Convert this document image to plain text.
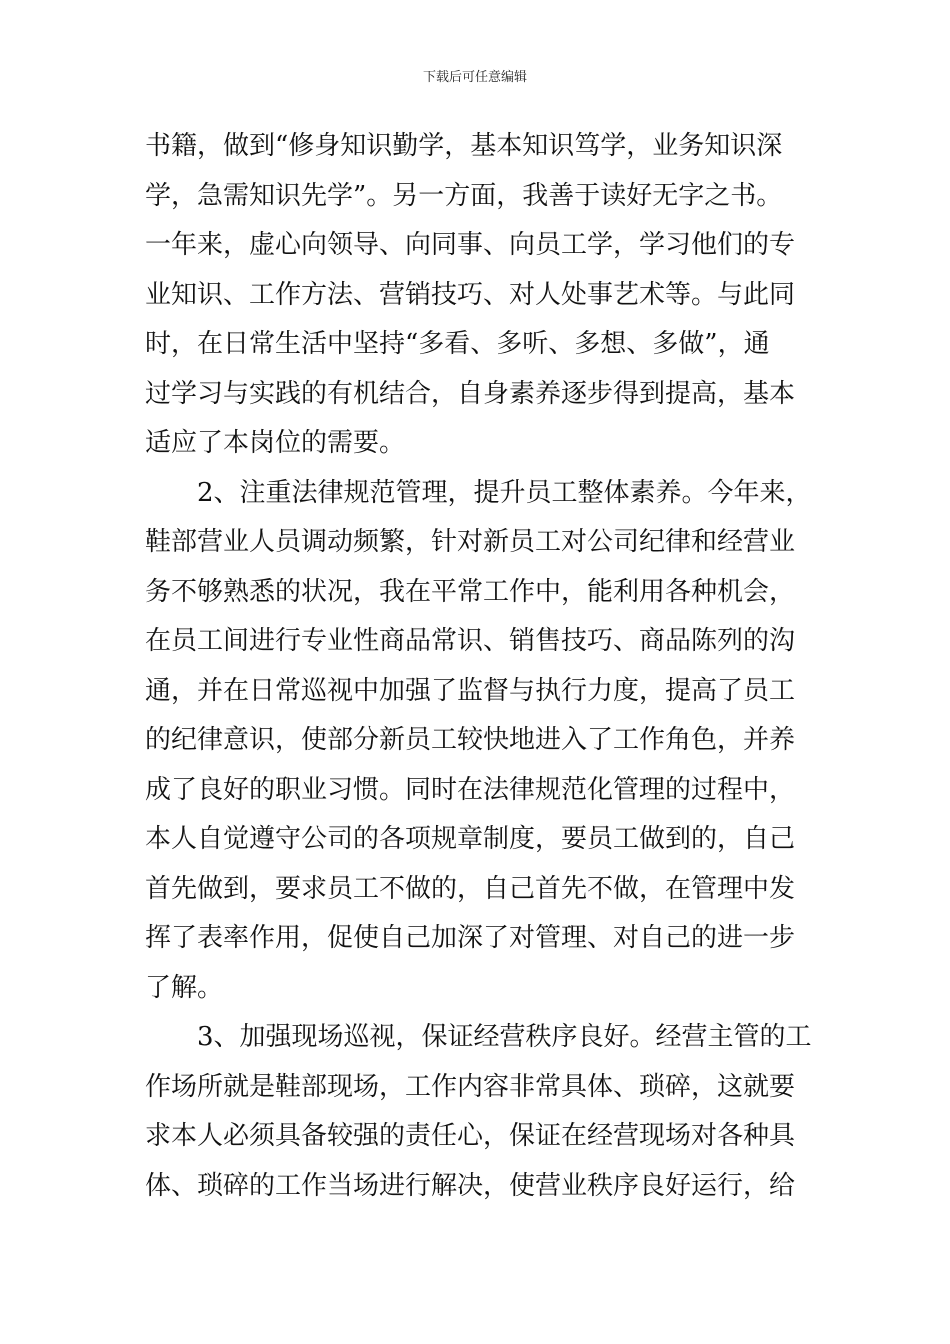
下载后可任意编辑
书籍，做到“修身知识勤学，基本知识笃学，业务知识深
学，急需知识先学”。另一方面，我善于读好无字之书。
一年来，虚心向领导、向同事、向员工学，学习他们的专
业知识、工作方法、营销技巧、对人处事艺术等。与此同
时，在日常生活中坚持“多看、多听、多想、多做”，通
过学习与实践的有机结合，自身素养逐步得到提高，基本
适应了本岗位的需要。
2、注重法律规范管理，提升员工整体素养。今年来，
鞋部营业人员调动频繁，针对新员工对公司纪律和经营业
务不够熟悉的状况，我在平常工作中，能利用各种机会，
在员工间进行专业性商品常识、销售技巧、商品陈列的沟
通，并在日常巡视中加强了监督与执行力度，提高了员工
的纪律意识，使部分新员工较快地进入了工作角色，并养
成了良好的职业习惯。同时在法律规范化管理的过程中，
本人自觉遵守公司的各项规章制度，要员工做到的，自己
首先做到，要求员工不做的，自己首先不做，在管理中发
挥了表率作用，促使自己加深了对管理、对自己的进一步
了解。
3、加强现场巡视，保证经营秩序良好。经营主管的工
作场所就是鞋部现场，工作内容非常具体、琐碎，这就要
求本人必须具备较强的责任心，保证在经营现场对各种具
体、琐碎的工作当场进行解决，使营业秩序良好运行，给
